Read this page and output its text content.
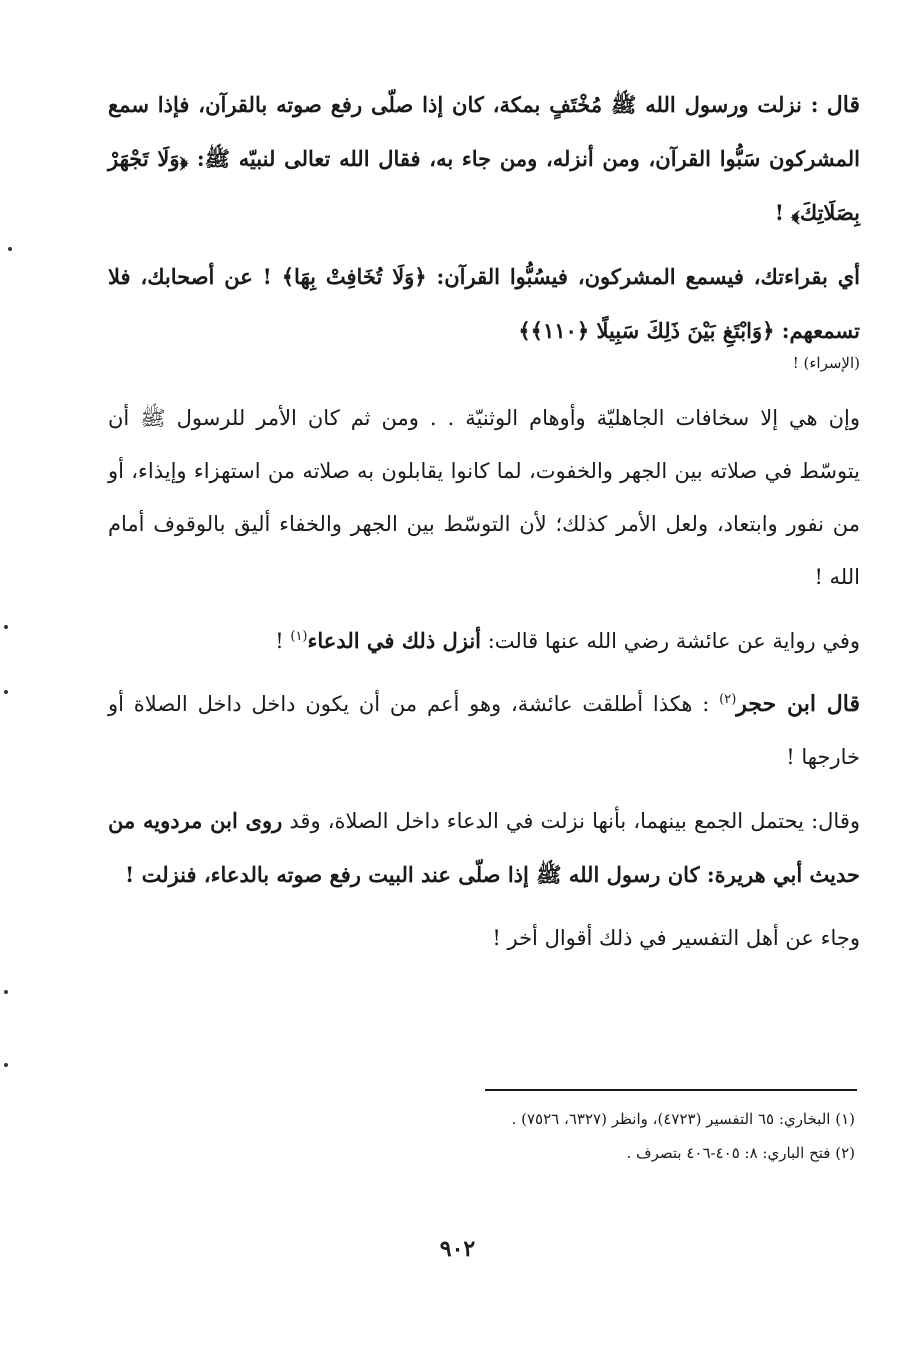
قال : نزلت ورسول الله ﷺ مُخْتَفٍ بمكة، كان إذا صلّى رفع صوته بالقرآن، فإذا سمع المشركون سَبُّوا القرآن، ومن أنزله، ومن جاء به، فقال الله تعالى لنبيّه ﷺ: ﴿وَلَا تَجْهَرْ بِصَلَاتِكَ﴾ !

أي بقراءتك، فيسمع المشركون، فيسُبُّوا القرآن: ﴿وَلَا تُخَافِتْ بِهَا﴾ ! عن أصحابك، فلا تسمعهم: ﴿وَابْتَغِ بَيْنَ ذَلِكَ سَبِيلًا ﴿١١٠﴾﴾

(الإسراء) !

وإن هي إلا سخافات الجاهليّة وأوهام الوثنيّة . . ومن ثم كان الأمر للرسول ﷺ أن يتوسّط في صلاته بين الجهر والخفوت، لما كانوا يقابلون به صلاته من استهزاء وإيذاء، أو من نفور وابتعاد، ولعل الأمر كذلك؛ لأن التوسّط بين الجهر والخفاء أليق بالوقوف أمام الله !

وفي رواية عن عائشة رضي الله عنها قالت: أنزل ذلك في الدعاء$^{(١)}$ !

قال ابن حجر$^{(٢)}$ : هكذا أطلقت عائشة، وهو أعم من أن يكون داخل داخل الصلاة أو خارجها !

وقال: يحتمل الجمع بينهما، بأنها نزلت في الدعاء داخل الصلاة، وقد روى ابن مردويه من حديث أبي هريرة: كان رسول الله ﷺ إذا صلّى عند البيت رفع صوته بالدعاء، فنزلت !

وجاء عن أهل التفسير في ذلك أقوال أخر !

(١) البخاري: ٦٥ التفسير (٤٧٢٣)، وانظر (٦٣٢٧، ٧٥٢٦) .
(٢) فتح الباري: ٨: ٤٠٥-٤٠٦ بتصرف .
٩٠٢
